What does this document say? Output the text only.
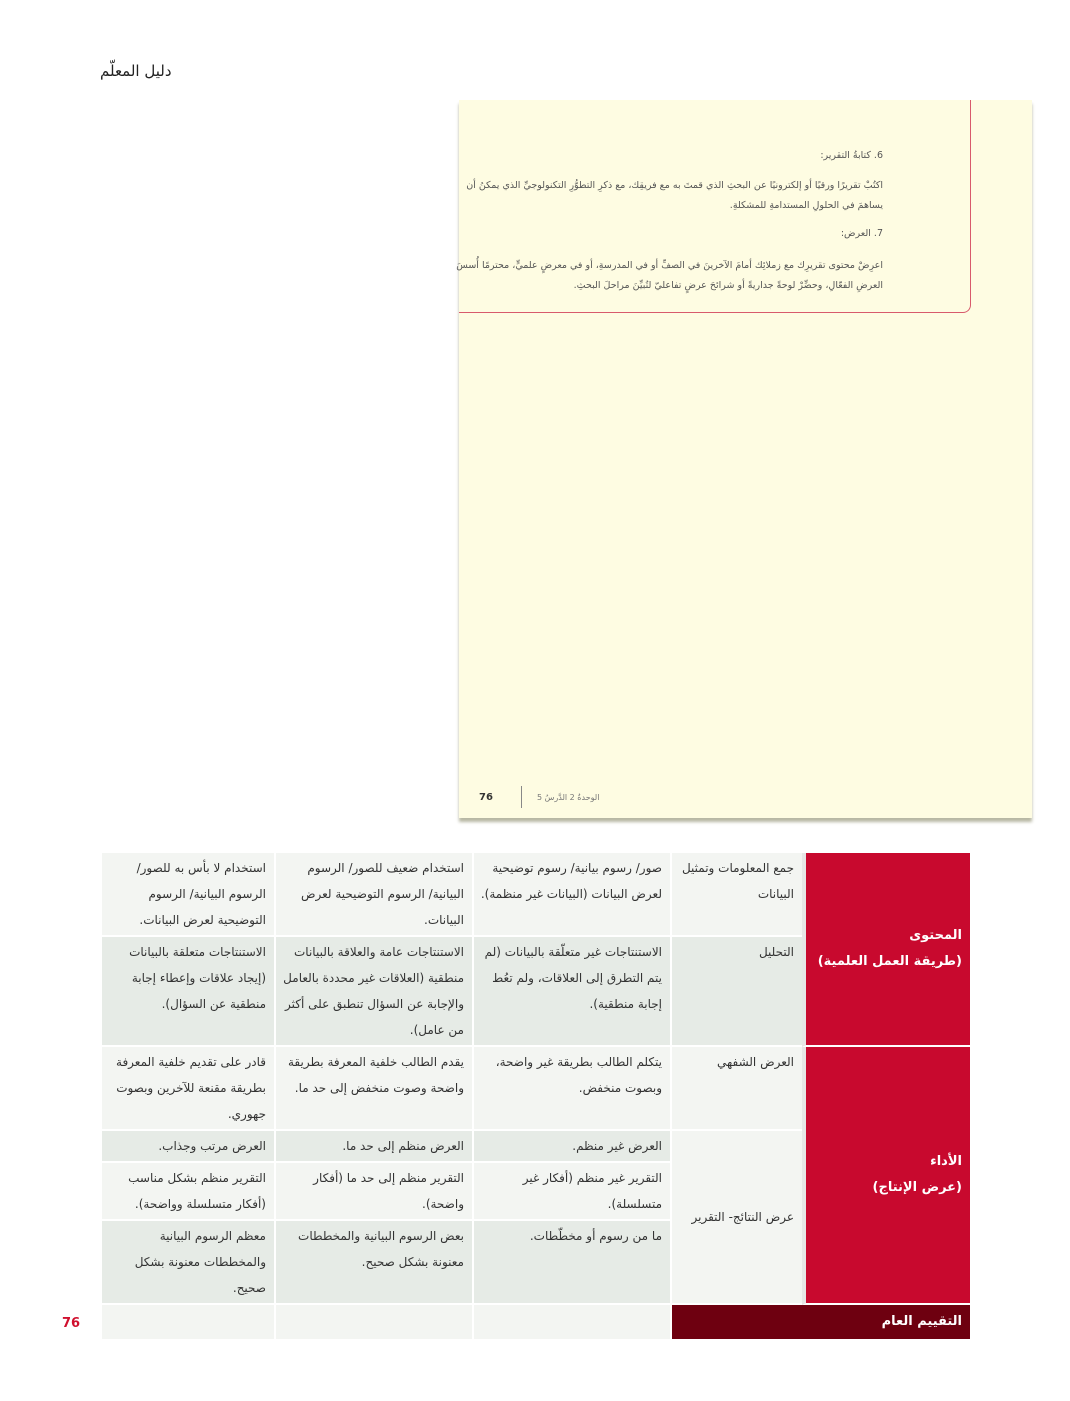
دليل المعلّم
6. كتابةُ التقرير:
اكتُبْ تقريرًا ورقيًا أو إلكترونيًا عن البحثِ الذي قمتَ به مع فريقِك، مع ذكرِ التطوُّرِ التكنولوجيِّ الذي يمكنُ أن يساهمَ في الحلولِ المستدامةِ للمشكلةِ.
7. العرض:
اعرِضْ محتوى تقريرِك مع زملائِك أمامَ الآخرينَ في الصفِّ أو في المدرسةِ، أو في معرضٍ علميٍّ، محترمًا أُسسَ العرضِ الفعّالِ، وحضِّرْ لوحةً جداريةً أو شرائحَ عرضٍ تفاعليّ لتُبيِّنَ مراحلَ البحثِ.
76	الوحدةُ 2 الدَّرسُ 5
المحتوى
(طريقة العمل العلمية)	جمع المعلومات وتمثيل البيانات	صور/ رسوم بيانية/ رسوم توضيحية لعرض البيانات (البيانات غير منظمة).	استخدام ضعيف للصور/ الرسوم البيانية/ الرسوم التوضيحية لعرض البيانات.	استخدام لا بأس به للصور/ الرسوم البيانية/ الرسوم التوضيحية لعرض البيانات.
	التحليل	الاستنتاجات غير متعلّقة بالبيانات (لم يتم التطرق إلى العلاقات، ولم تعُط إجابة منطقية).	الاستنتاجات عامة والعلاقة بالبيانات منطقية (العلاقات غير محددة بالعامل والإجابة عن السؤال تنطبق على أكثر من عامل).	الاستنتاجات متعلقة بالبيانات (إيجاد علاقات وإعطاء إجابة منطقية عن السؤال).

الأداء
(عرض الإنتاج)	العرض الشفهي	يتكلم الطالب بطريقة غير واضحة، وبصوت منخفض.	يقدم الطالب خلفية المعرفة بطريقة واضحة وصوت منخفض إلى حد ما.	قادر على تقديم خلفية المعرفة بطريقة مقنعة للآخرين وبصوت جهوري.
	عرض النتائج- التقرير	العرض غير منظم.	العرض منظم إلى حد ما.	العرض مرتب وجذاب.
		التقرير غير منظم (أفكار غير متسلسلة).	التقرير منظم إلى حد ما (أفكار واضحة).	التقرير منظم بشكل مناسب (أفكار متسلسلة وواضحة).
		ما من رسوم أو مخطّطات.	بعض الرسوم البيانية والمخططات معنونة بشكل صحيح.	معظم الرسوم البيانية والمخططات معنونة بشكل صحيح.
التقييم العام				
76
